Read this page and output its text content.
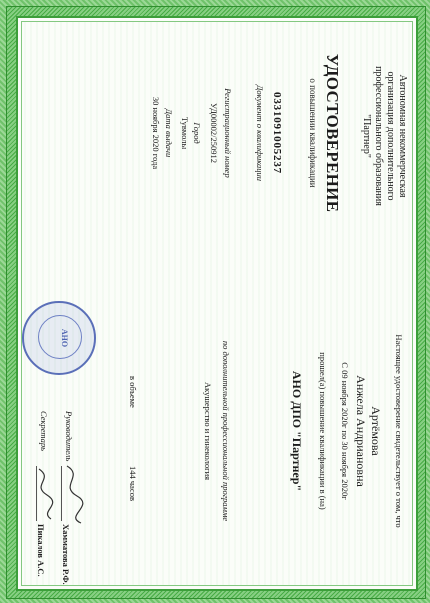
Автономная некоммерческая
организация дополнительного
профессионального образования
"Партнер"
УДОСТОВЕРЕНИЕ
о повышении квалификации
0331091005237
Документ о квалификации
Регистрационный номер
УД00002/250912
Город
Тувмолы
Дата выдачи
30 ноября 2020 года
АНО	Настоящее удостоверение свидетельствует о том, что
Артёмова
Анжела Андриановна
С 09 ноября 2020г по 30 ноября 2020г
прошел(а) повышение квалификации в (на)
АНО ДПО "Партнер"
по дополнительной профессиональной программе
Акушерство и гинекология
в объеме
144 часов
Руководитель
Хамматова Р.Ф.
Секретарь
Пикалов А.С.
